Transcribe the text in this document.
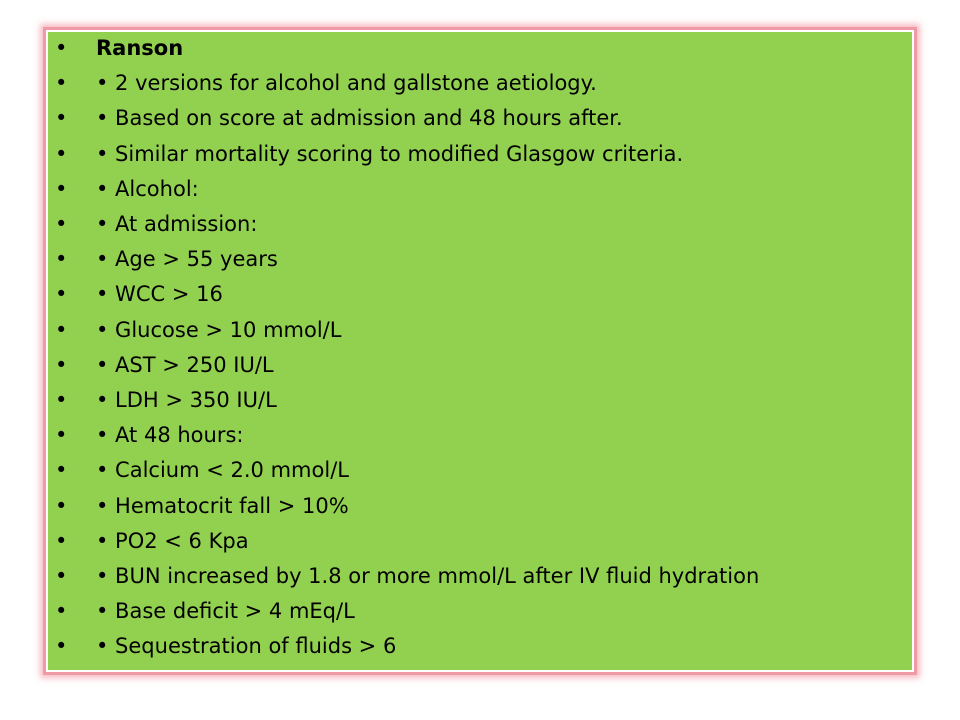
• Ranson
• • 2 versions for alcohol and gallstone aetiology.
• • Based on score at admission and 48 hours after.
• • Similar mortality scoring to modified Glasgow criteria.
• • Alcohol:
• • At admission:
• • Age > 55 years
• • WCC > 16
• • Glucose > 10 mmol/L
• • AST > 250 IU/L
• • LDH > 350 IU/L
• • At 48 hours:
• • Calcium < 2.0 mmol/L
• • Hematocrit fall > 10%
• • PO2 < 6 Kpa
• • BUN increased by 1.8 or more mmol/L after IV fluid hydration
• • Base deficit > 4 mEq/L
• • Sequestration of fluids > 6
